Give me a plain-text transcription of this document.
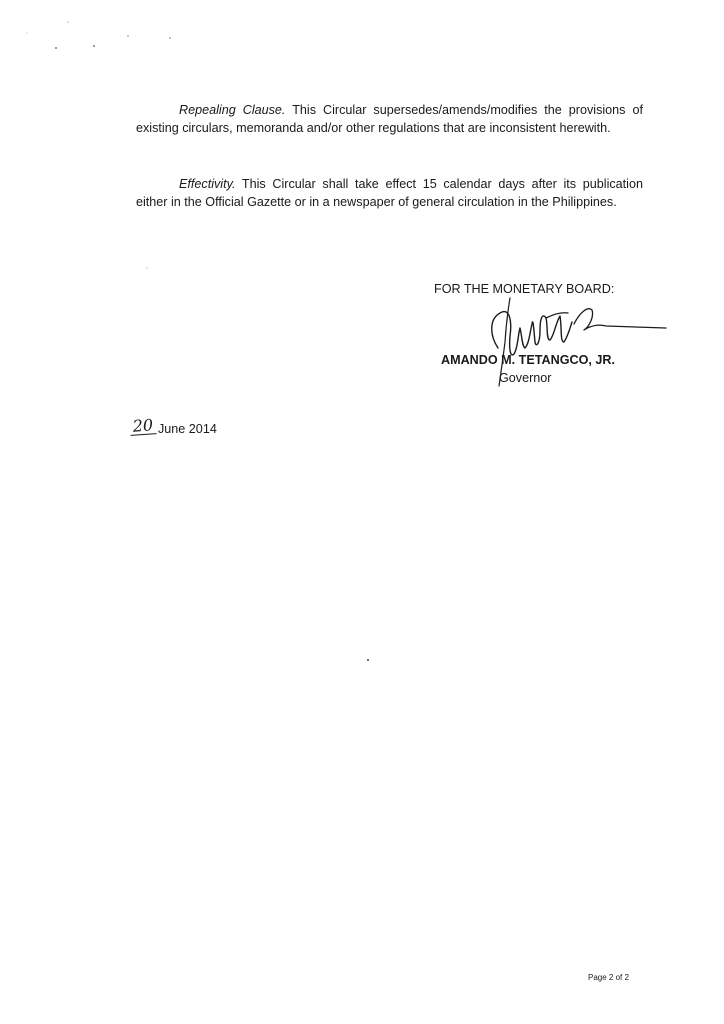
Repealing Clause. This Circular supersedes/amends/modifies the provisions of existing circulars, memoranda and/or other regulations that are inconsistent herewith.

Effectivity. This Circular shall take effect 15 calendar days after its publication either in the Official Gazette or in a newspaper of general circulation in the Philippines.

FOR THE MONETARY BOARD:
AMANDO M. TETANGCO, JR.
Governor
20 June 2014
Page 2 of 2
